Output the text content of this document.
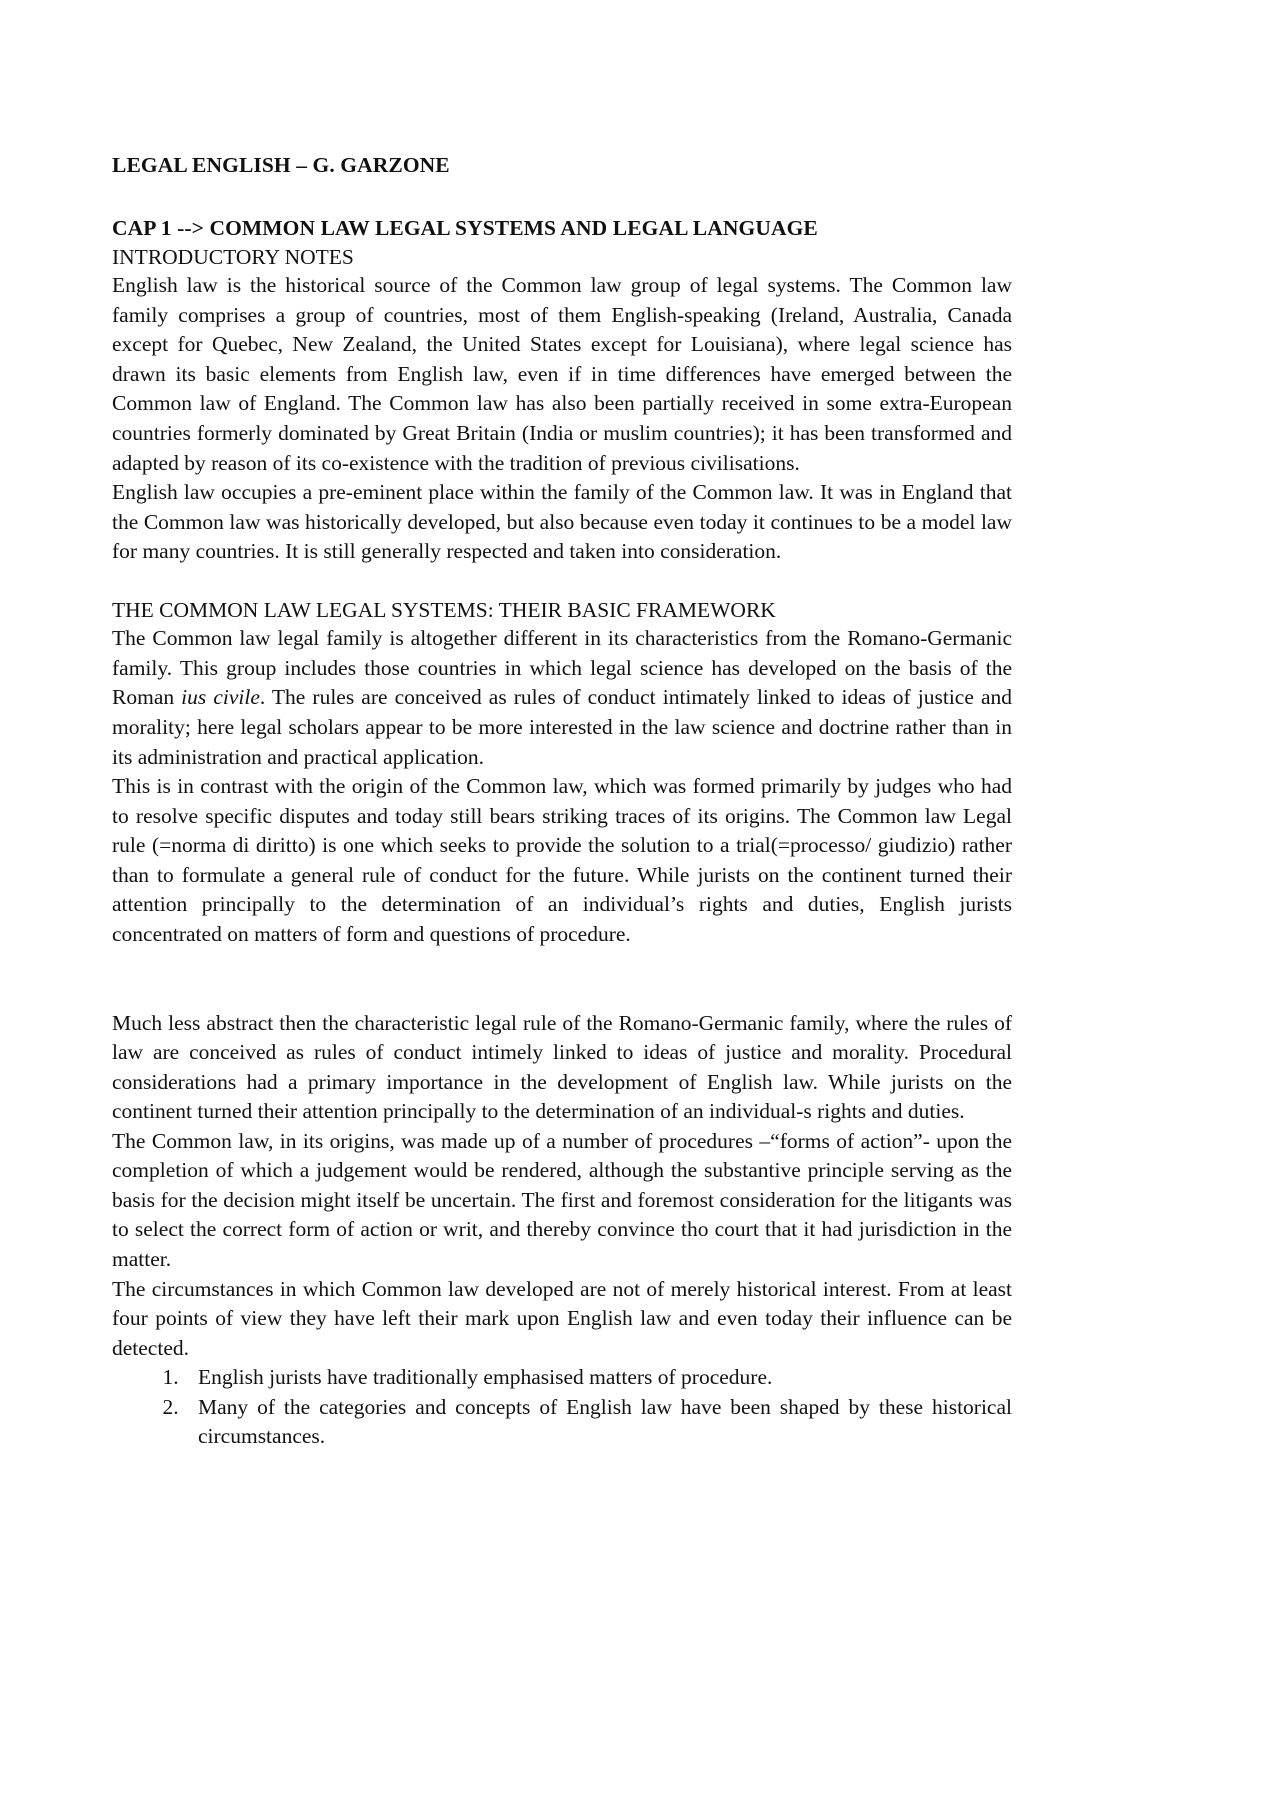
LEGAL ENGLISH – G. GARZONE
CAP 1 --> COMMON LAW LEGAL SYSTEMS AND LEGAL LANGUAGE
INTRODUCTORY NOTES

English law is the historical source of the Common law group of legal systems. The Common law family comprises a group of countries, most of them English-speaking (Ireland, Australia, Canada except for Quebec, New Zealand, the United States except for Louisiana), where legal science has drawn its basic elements from English law, even if in time differences have emerged between the Common law of England. The Common law has also been partially received in some extra-European countries formerly dominated by Great Britain (India or muslim countries); it has been transformed and adapted by reason of its co-existence with the tradition of previous civilisations.

English law occupies a pre-eminent place within the family of the Common law. It was in England that the Common law was historically developed, but also because even today it continues to be a model law for many countries. It is still generally respected and taken into consideration.

THE COMMON LAW LEGAL SYSTEMS: THEIR BASIC FRAMEWORK

The Common law legal family is altogether different in its characteristics from the Romano-Germanic family. This group includes those countries in which legal science has developed on the basis of the Roman ius civile. The rules are conceived as rules of conduct intimately linked to ideas of justice and morality; here legal scholars appear to be more interested in the law science and doctrine rather than in its administration and practical application.

This is in contrast with the origin of the Common law, which was formed primarily by judges who had to resolve specific disputes and today still bears striking traces of its origins. The Common law Legal rule (=norma di diritto) is one which seeks to provide the solution to a trial(=processo/ giudizio) rather than to formulate a general rule of conduct for the future. While jurists on the continent turned their attention principally to the determination of an individual’s rights and duties, English jurists concentrated on matters of form and questions of procedure.

Much less abstract then the characteristic legal rule of the Romano-Germanic family, where the rules of law are conceived as rules of conduct intimely linked to ideas of justice and morality. Procedural considerations had a primary importance in the development of English law. While jurists on the continent turned their attention principally to the determination of an individual-s rights and duties.

The Common law, in its origins, was made up of a number of procedures –“forms of action”- upon the completion of which a judgement would be rendered, although the substantive principle serving as the basis for the decision might itself be uncertain. The first and foremost consideration for the litigants was to select the correct form of action or writ, and thereby convince tho court that it had jurisdiction in the matter.

The circumstances in which Common law developed are not of merely historical interest. From at least four points of view they have left their mark upon English law and even today their influence can be detected.

1. English jurists have traditionally emphasised matters of procedure.
2. Many of the categories and concepts of English law have been shaped by these historical circumstances.
